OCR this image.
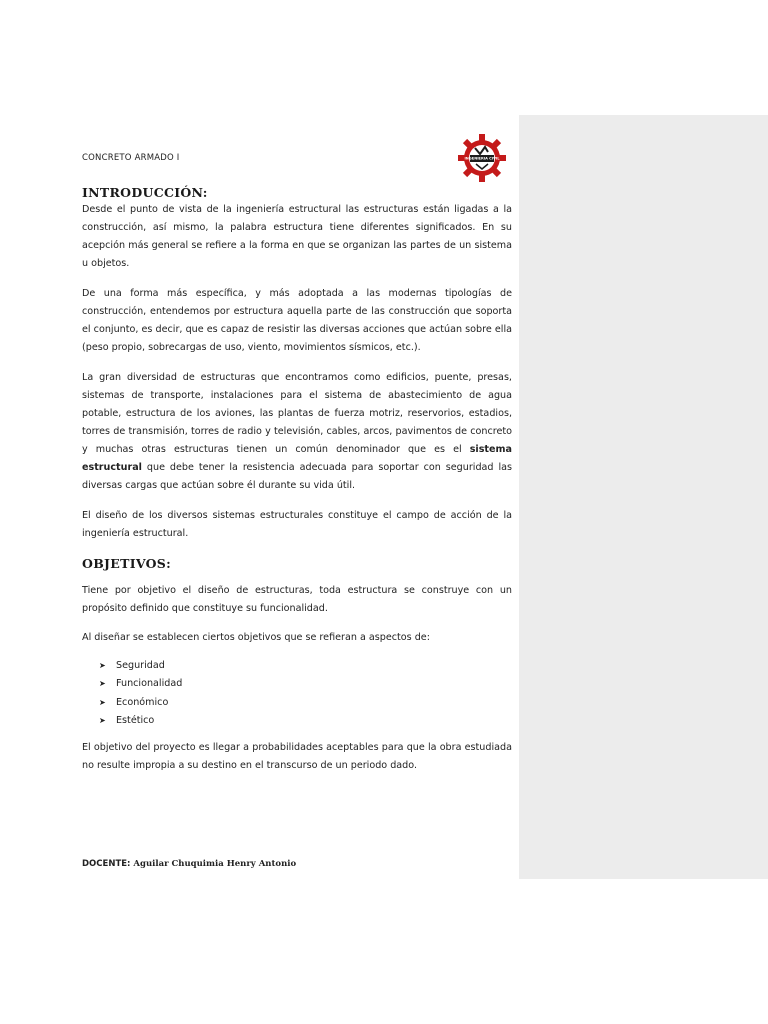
CONCRETO ARMADO I	INGENIERIA CIVIL
INTRODUCCIÓN:

Desde el punto de vista de la ingeniería estructural las estructuras están ligadas a la construcción, así mismo, la palabra estructura tiene diferentes significados. En su acepción más general se refiere a la forma en que se organizan las partes de un sistema u objetos.

De una forma más específica, y más adoptada a las modernas tipologías de construcción, entendemos por estructura aquella parte de las construcción que soporta el conjunto, es decir, que es capaz de resistir las diversas acciones que actúan sobre ella (peso propio, sobrecargas de uso, viento, movimientos sísmicos, etc.).

La gran diversidad de estructuras que encontramos como edificios, puente, presas, sistemas de transporte, instalaciones para el sistema de abastecimiento de agua potable, estructura de los aviones, las plantas de fuerza motriz, reservorios, estadios, torres de transmisión, torres de radio y televisión, cables, arcos, pavimentos de concreto y muchas otras estructuras tienen un común denominador que es el sistema estructural que debe tener la resistencia adecuada para soportar con seguridad las diversas cargas que actúan sobre él durante su vida útil.

El diseño de los diversos sistemas estructurales constituye el campo de acción de la ingeniería estructural.

OBJETIVOS:

Tiene por objetivo el diseño de estructuras, toda estructura se construye con un propósito definido que constituye su funcionalidad.

Al diseñar se establecen ciertos objetivos que se refieran a aspectos de:

➤ Seguridad
➤ Funcionalidad
➤ Económico
➤ Estético

El objetivo del proyecto es llegar a probabilidades aceptables para que la obra estudiada no resulte impropia a su destino en el transcurso de un periodo dado.

DOCENTE: Aguilar Chuquimia Henry Antonio
